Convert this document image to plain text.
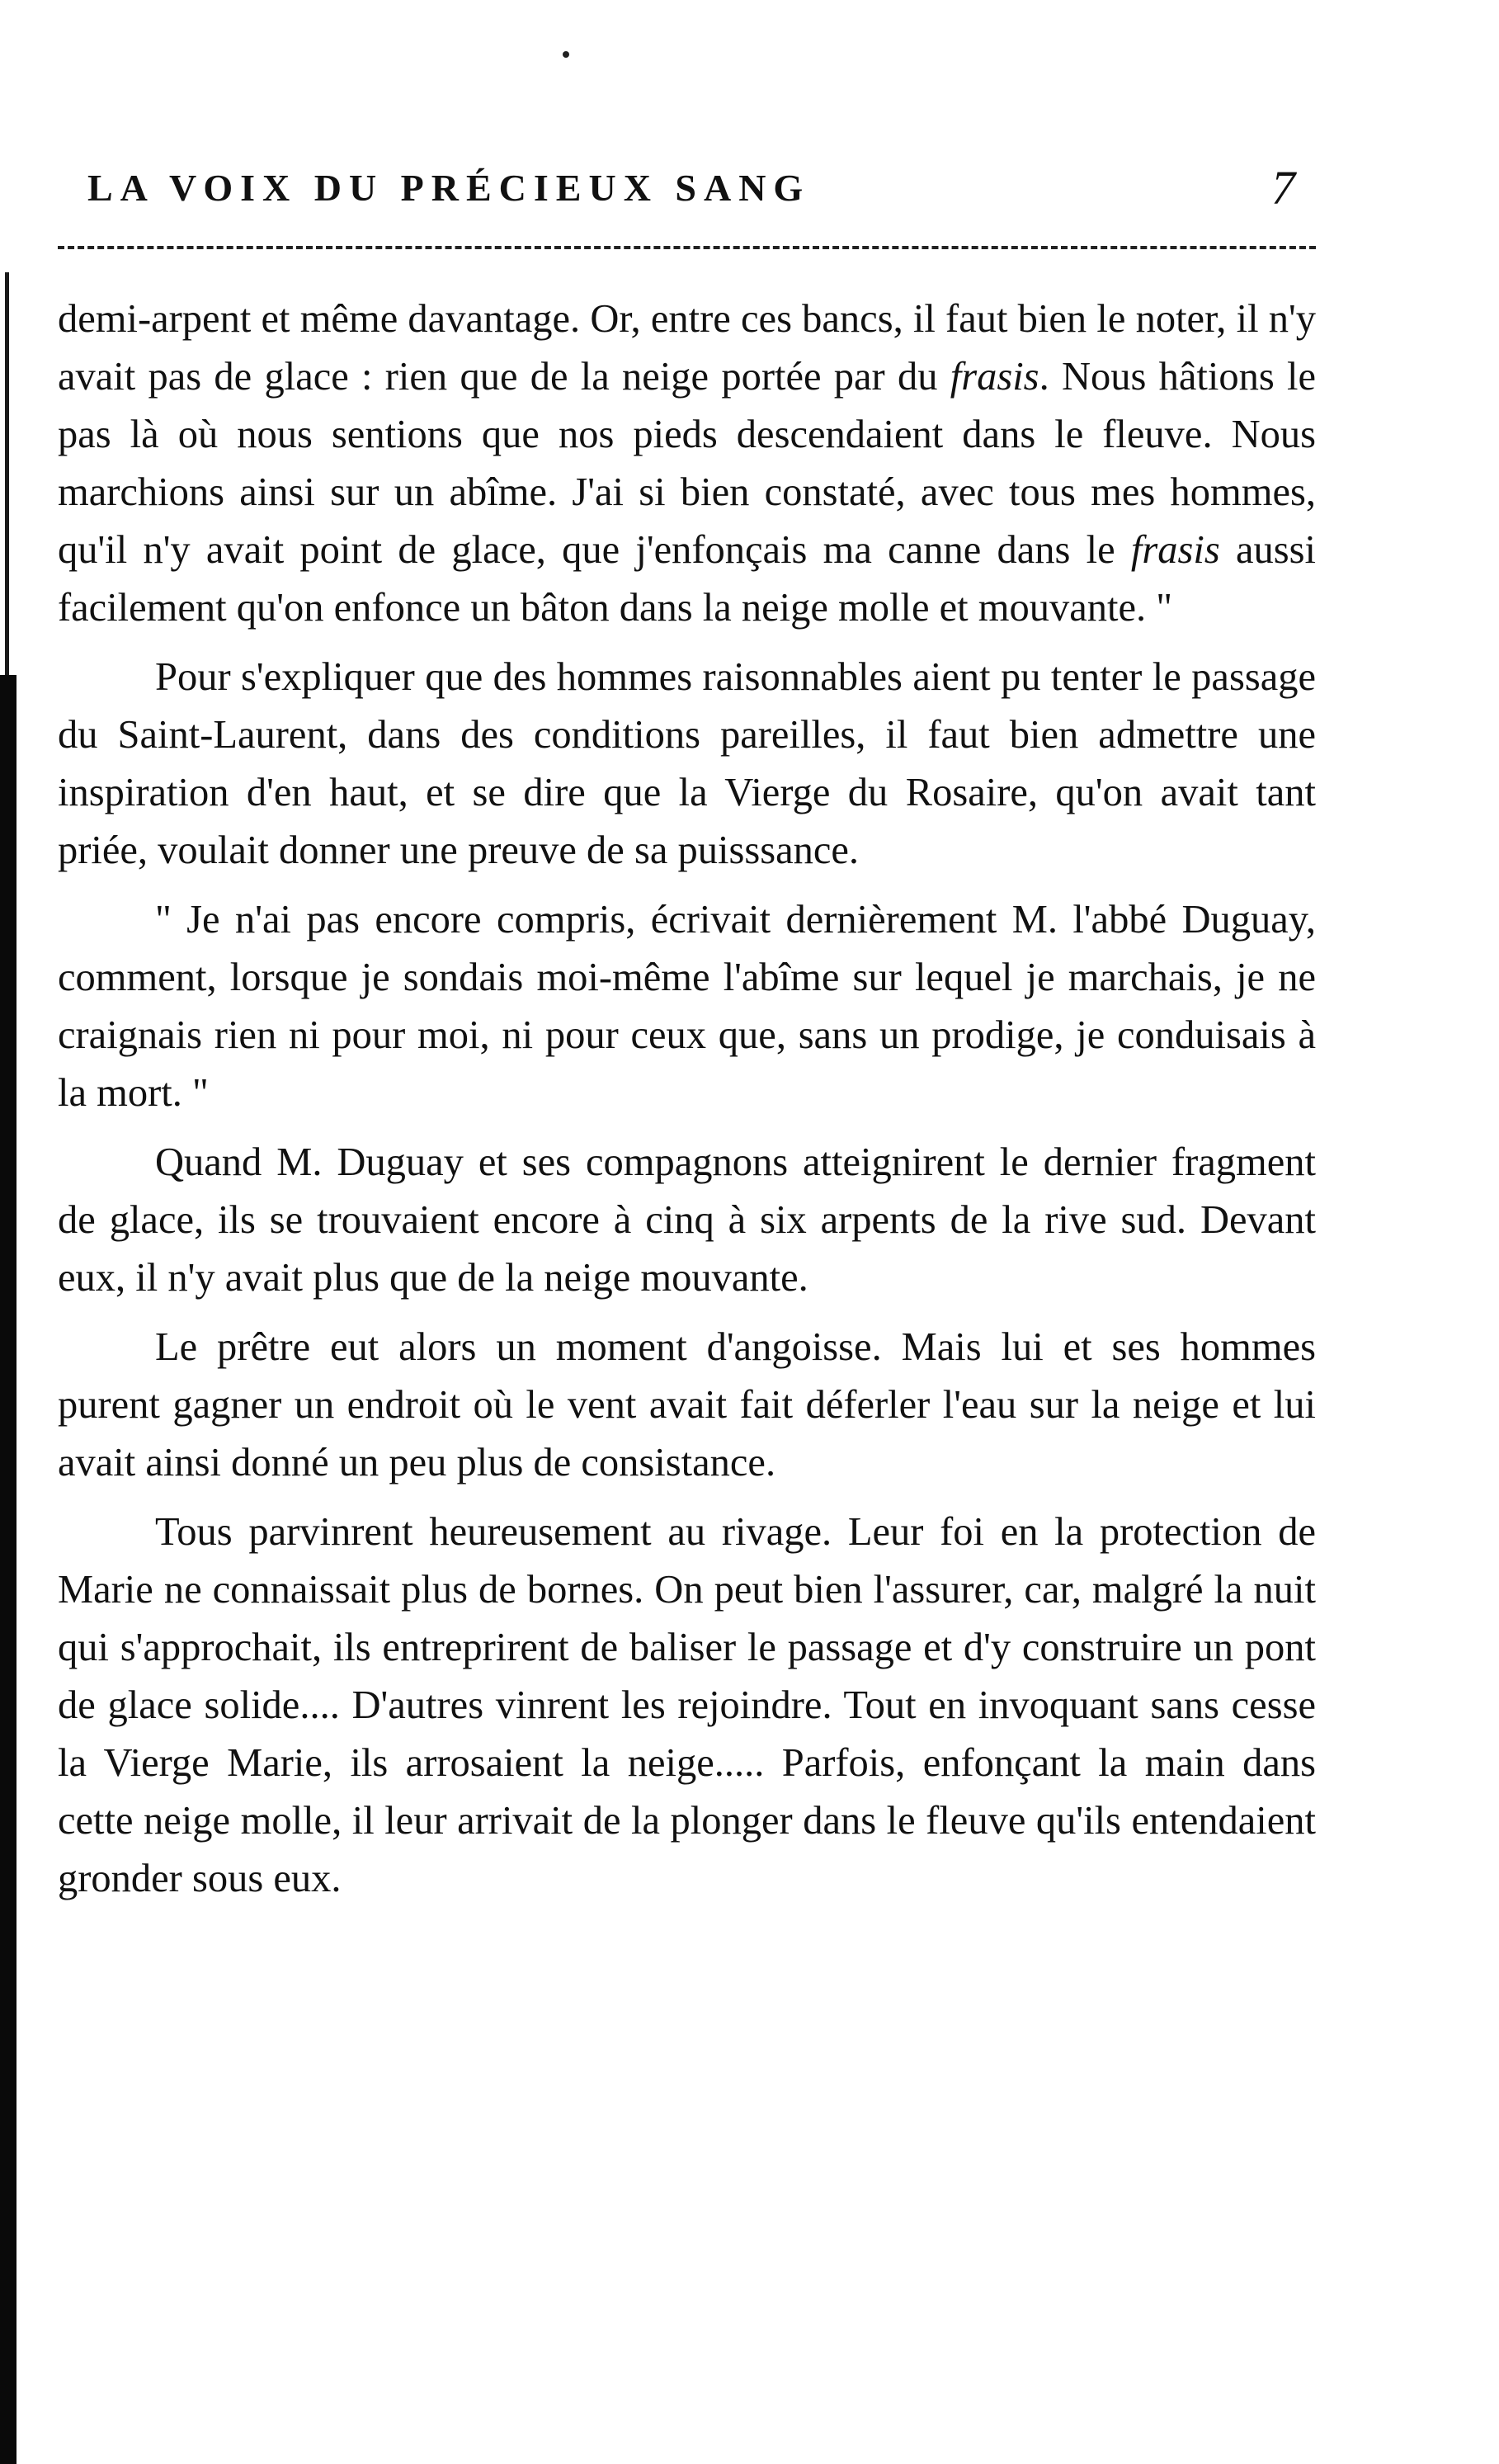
LA VOIX DU PRÉCIEUX SANG	7

demi-arpent et même davantage. Or, entre ces bancs, il faut bien le noter, il n'y avait pas de glace : rien que de la neige portée par du frasis. Nous hâtions le pas là où nous sentions que nos pieds descendaient dans le fleuve. Nous marchions ainsi sur un abîme. J'ai si bien constaté, avec tous mes hommes, qu'il n'y avait point de glace, que j'enfonçais ma canne dans le frasis aussi facilement qu'on enfonce un bâton dans la neige molle et mouvante. "

Pour s'expliquer que des hommes raisonnables aient pu tenter le passage du Saint-Laurent, dans des conditions pareilles, il faut bien admettre une inspiration d'en haut, et se dire que la Vierge du Rosaire, qu'on avait tant priée, voulait donner une preuve de sa puisssance.

" Je n'ai pas encore compris, écrivait dernièrement M. l'abbé Duguay, comment, lorsque je sondais moi-même l'abîme sur lequel je marchais, je ne craignais rien ni pour moi, ni pour ceux que, sans un prodige, je conduisais à la mort. "

Quand M. Duguay et ses compagnons atteignirent le dernier fragment de glace, ils se trouvaient encore à cinq à six arpents de la rive sud. Devant eux, il n'y avait plus que de la neige mouvante.

Le prêtre eut alors un moment d'angoisse. Mais lui et ses hommes purent gagner un endroit où le vent avait fait déferler l'eau sur la neige et lui avait ainsi donné un peu plus de consistance.

Tous parvinrent heureusement au rivage. Leur foi en la protection de Marie ne connaissait plus de bornes. On peut bien l'assurer, car, malgré la nuit qui s'approchait, ils entreprirent de baliser le passage et d'y construire un pont de glace solide.... D'autres vinrent les rejoindre. Tout en invoquant sans cesse la Vierge Marie, ils arrosaient la neige..... Parfois, enfonçant la main dans cette neige molle, il leur arrivait de la plonger dans le fleuve qu'ils entendaient gronder sous eux.
